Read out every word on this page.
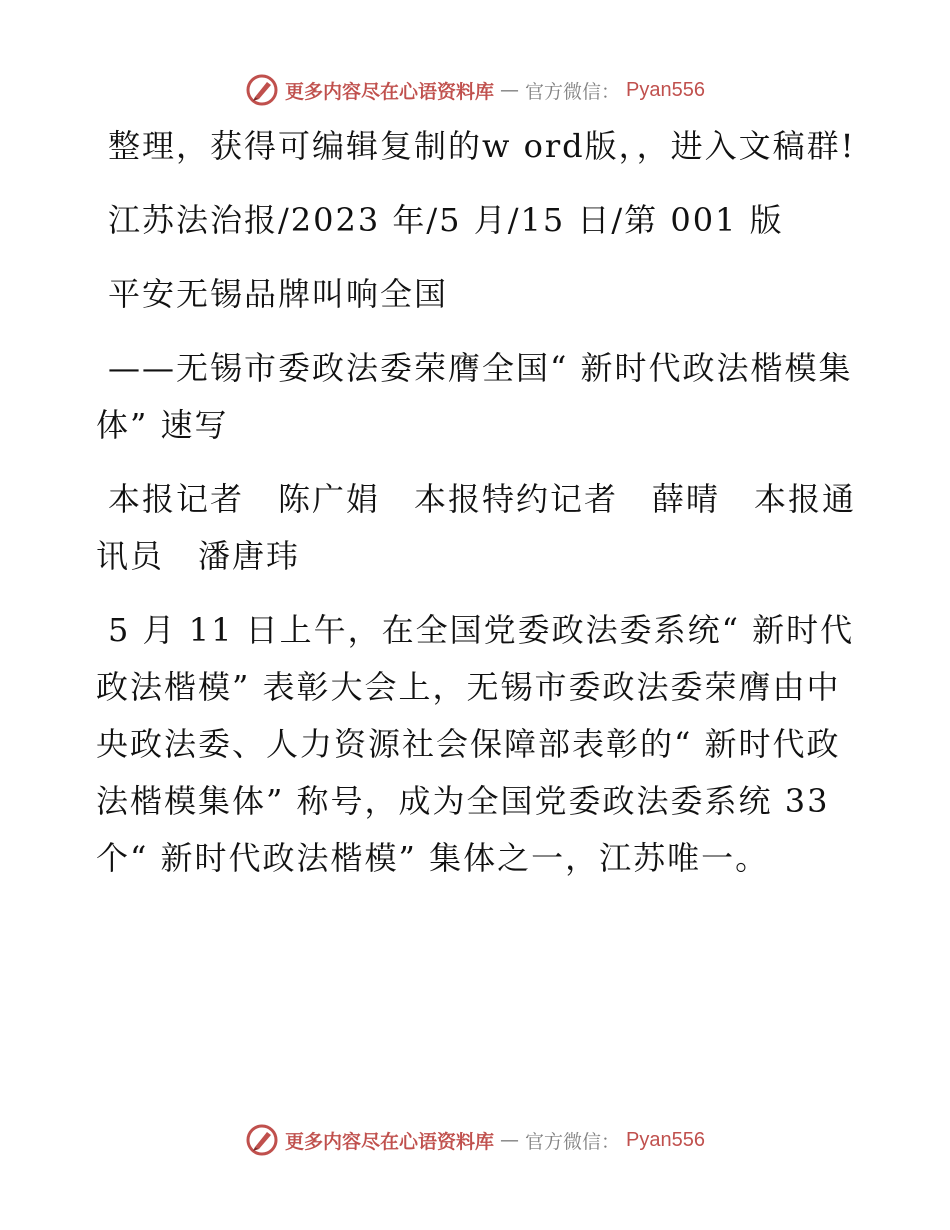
更多内容尽在心语资料库 — 官方微信： Pyan556

整理，获得可编辑复制的w ord版，，进入文稿群!

江苏法治报/2023 年/5 月/15 日/第 001 版

平安无锡品牌叫响全国

——无锡市委政法委荣膺全国“ 新时代政法楷模集体” 速写

本报记者　陈广娟　本报特约记者　薛晴　本报通讯员　潘唐玮

5 月 11 日上午，在全国党委政法委系统“ 新时代政法楷模” 表彰大会上，无锡市委政法委荣膺由中央政法委、人力资源社会保障部表彰的“ 新时代政法楷模集体” 称号，成为全国党委政法委系统 33 个“ 新时代政法楷模” 集体之一，江苏唯一。

更多内容尽在心语资料库 — 官方微信： Pyan556
